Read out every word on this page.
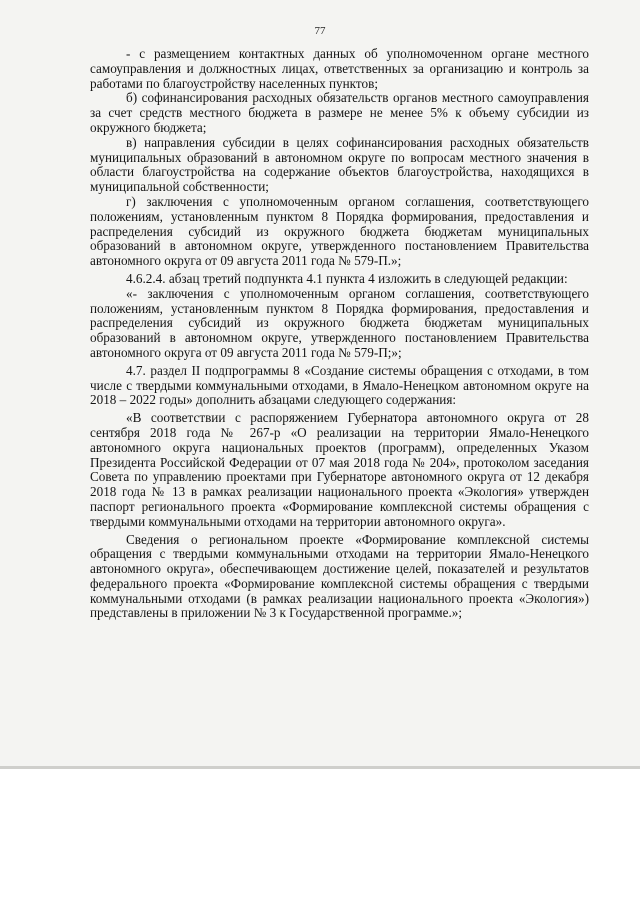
77

- с размещением контактных данных об уполномоченном органе местного самоуправления и должностных лицах, ответственных за организацию и контроль за работами по благоустройству населенных пунктов;

б) софинансирования расходных обязательств органов местного самоуправления за счет средств местного бюджета в размере не менее 5% к объему субсидии из окружного бюджета;

в) направления субсидии в целях софинансирования расходных обязательств муниципальных образований в автономном округе по вопросам местного значения в области благоустройства на содержание объектов благоустройства, находящихся в муниципальной собственности;

г) заключения с уполномоченным органом соглашения, соответствующего положениям, установленным пунктом 8 Порядка формирования, предоставления и распределения субсидий из окружного бюджета бюджетам муниципальных образований в автономном округе, утвержденного постановлением Правительства автономного округа от 09 августа 2011 года № 579-П.»;

4.6.2.4. абзац третий подпункта 4.1 пункта 4 изложить в следующей редакции:

«- заключения с уполномоченным органом соглашения, соответствующего положениям, установленным пунктом 8 Порядка формирования, предоставления и распределения субсидий из окружного бюджета бюджетам муниципальных образований в автономном округе, утвержденного постановлением Правительства автономного округа от 09 августа 2011 года № 579-П;»;

4.7. раздел II подпрограммы 8 «Создание системы обращения с отходами, в том числе с твердыми коммунальными отходами, в Ямало-Ненецком автономном округе на 2018 – 2022 годы» дополнить абзацами следующего содержания:

«В соответствии с распоряжением Губернатора автономного округа от 28 сентября 2018 года № 267-р «О реализации на территории Ямало-Ненецкого автономного округа национальных проектов (программ), определенных Указом Президента Российской Федерации от 07 мая 2018 года № 204», протоколом заседания Совета по управлению проектами при Губернаторе автономного округа от 12 декабря 2018 года № 13 в рамках реализации национального проекта «Экология» утвержден паспорт регионального проекта «Формирование комплексной системы обращения с твердыми коммунальными отходами на территории автономного округа».

Сведения о региональном проекте «Формирование комплексной системы обращения с твердыми коммунальными отходами на территории Ямало-Ненецкого автономного округа», обеспечивающем достижение целей, показателей и результатов федерального проекта «Формирование комплексной системы обращения с твердыми коммунальными отходами (в рамках реализации национального проекта «Экология») представлены в приложении № 3 к Государственной программе.»;
